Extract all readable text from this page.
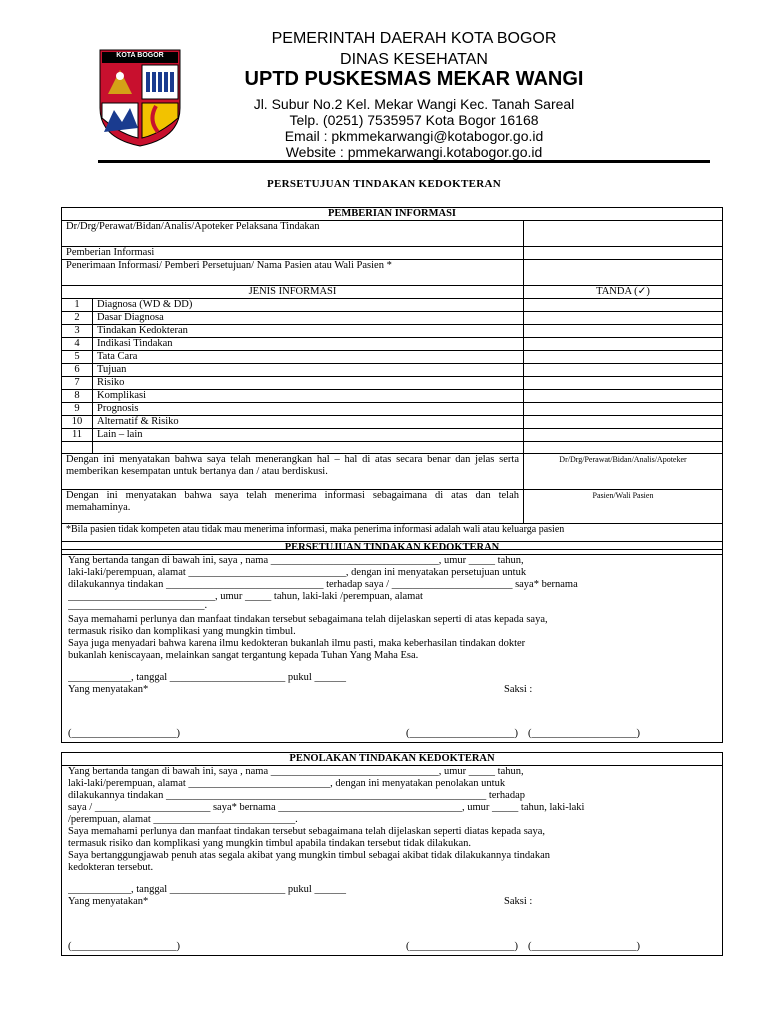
KOTA BOGOR
PEMERINTAH DAERAH KOTA BOGOR
DINAS KESEHATAN
UPTD PUSKESMAS MEKAR WANGI
Jl. Subur No.2 Kel. Mekar Wangi Kec. Tanah Sareal
Telp. (0251) 7535957 Kota Bogor 16168
Email : pkmmekarwangi@kotabogor.go.id
Website : pmmekarwangi.kotabogor.go.id
PERSETUJUAN TINDAKAN KEDOKTERAN
PEMBERIAN INFORMASI		
Dr/Drg/Perawat/Bidan/Analis/Apoteker Pelaksana Tindakan		
Pemberian Informasi		
Penerimaan Informasi/ Pemberi Persetujuan/ Nama Pasien atau Wali Pasien *		
JENIS INFORMASI		TANDA (✓)
1	Diagnosa (WD & DD)	
2	Dasar Diagnosa	
3	Tindakan Kedokteran	
4	Indikasi Tindakan	
5	Tata Cara	
6	Tujuan	
7	Risiko	
8	Komplikasi	
9	Prognosis	
10	Alternatif & Risiko	
11	Lain – lain	

Dengan ini menyatakan bahwa saya telah menerangkan hal – hal di atas secara benar dan jelas serta memberikan kesempatan untuk bertanya dan / atau berdiskusi.		Dr/Drg/Perawat/Bidan/Analis/Apoteker
Dengan ini menyatakan bahwa saya telah menerima informasi sebagaimana di atas dan telah memahaminya.		Pasien/Wali Pasien
*Bila pasien tidak kompeten atau tidak mau menerima informasi, maka penerima informasi adalah wali atau keluarga pasien		
PERSETUJUAN TINDAKAN KEDOKTERAN
Yang bertanda tangan di bawah ini, saya , nama ________________________________, umur _____ tahun,
laki-laki/perempuan, alamat ______________________________, dengan ini menyatakan persetujuan untuk
dilakukannya tindakan ______________________________ terhadap saya / _______________________ saya* bernama
____________________________, umur _____ tahun, laki-laki /perempuan, alamat
__________________________.
Saya memahami perlunya dan manfaat tindakan tersebut sebagaimana telah dijelaskan seperti di atas kepada saya,
termasuk risiko dan komplikasi yang mungkin timbul.
Saya juga menyadari bahwa karena ilmu kedokteran bukanlah ilmu pasti, maka keberhasilan tindakan dokter
bukanlah keniscayaan, melainkan sangat tergantung kepada Tuhan Yang Maha Esa.
____________, tanggal ______________________ pukul ______
Yang menyatakan*	Saksi :
(____________________)	(____________________) (____________________)
PENOLAKAN TINDAKAN KEDOKTERAN
Yang bertanda tangan di bawah ini, saya , nama ________________________________, umur _____ tahun,
laki-laki/perempuan, alamat ___________________________, dengan ini menyatakan penolakan untuk
dilakukannya tindakan _____________________________________________________________ terhadap
saya / ______________________ saya* bernama ___________________________________, umur _____ tahun, laki-laki
/perempuan, alamat ___________________________.
Saya memahami perlunya dan manfaat tindakan tersebut sebagaimana telah dijelaskan seperti diatas kepada saya,
termasuk risiko dan komplikasi yang mungkin timbul apabila tindakan tersebut tidak dilakukan.
Saya bertanggungjawab penuh atas segala akibat yang mungkin timbul sebagai akibat tidak dilakukannya tindakan
kedokteran tersebut.
____________, tanggal ______________________ pukul ______
Yang menyatakan*	Saksi :
(____________________)	(____________________) (____________________)
